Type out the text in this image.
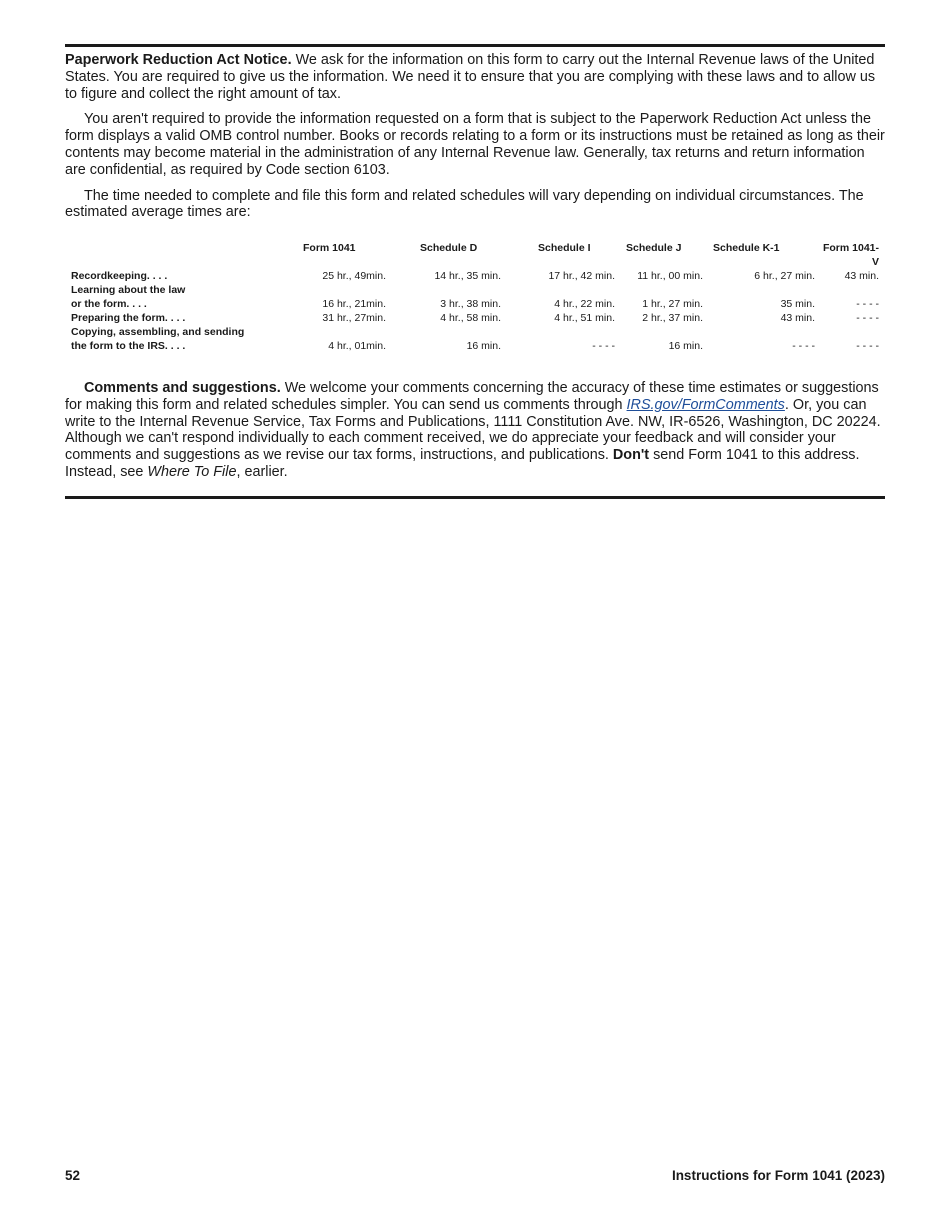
Paperwork Reduction Act Notice. We ask for the information on this form to carry out the Internal Revenue laws of the United States. You are required to give us the information. We need it to ensure that you are complying with these laws and to allow us to figure and collect the right amount of tax.

You aren't required to provide the information requested on a form that is subject to the Paperwork Reduction Act unless the form displays a valid OMB control number. Books or records relating to a form or its instructions must be retained as long as their contents may become material in the administration of any Internal Revenue law. Generally, tax returns and return information are confidential, as required by Code section 6103.

The time needed to complete and file this form and related schedules will vary depending on individual circumstances. The estimated average times are:

	Form 1041	Schedule D	Schedule I	Schedule J	Schedule K-1	Form 1041-V
Recordkeeping. . . .	25 hr., 49min.	14 hr., 35 min.	17 hr., 42 min.	11 hr., 00 min.	6 hr., 27 min.	43 min.
Learning about the law						
or the form. . . .	16 hr., 21min.	3 hr., 38 min.	4 hr., 22 min.	1 hr., 27 min.	35 min.	- - - -
Preparing the form. . . .	31 hr., 27min.	4 hr., 58 min.	4 hr., 51 min.	2 hr., 37 min.	43 min.	- - - -
Copying, assembling, and sending						
the form to the IRS. . . .	4 hr., 01min.	16 min.	- - - -	16 min.	- - - -	- - - -

Comments and suggestions. We welcome your comments concerning the accuracy of these time estimates or suggestions for making this form and related schedules simpler. You can send us comments through IRS.gov/FormComments. Or, you can write to the Internal Revenue Service, Tax Forms and Publications, 1111 Constitution Ave. NW, IR-6526, Washington, DC 20224. Although we can't respond individually to each comment received, we do appreciate your feedback and will consider your comments and suggestions as we revise our tax forms, instructions, and publications. Don't send Form 1041 to this address. Instead, see Where To File, earlier.

52	Instructions for Form 1041 (2023)
